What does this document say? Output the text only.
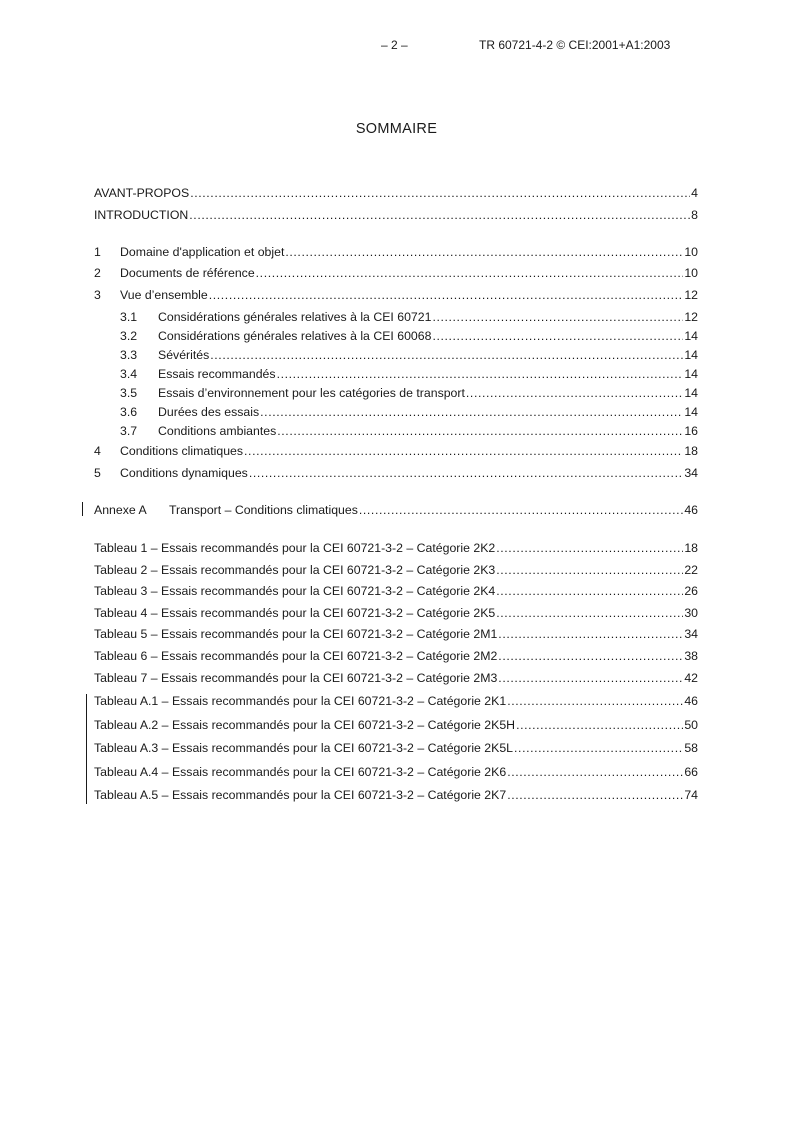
– 2 –	TR 60721-4-2 © CEI:2001+A1:2003
SOMMAIRE
AVANT-PROPOS .....	4
INTRODUCTION .....	8
1	Domaine d'application et objet .....	10
2	Documents de référence .....	10
3	Vue d’ensemble .....	12
3.1	Considérations générales relatives à la CEI 60721 .....	12
3.2	Considérations générales relatives à la CEI 60068 .....	14
3.3	Sévérités .....	14
3.4	Essais recommandés .....	14
3.5	Essais d’environnement pour les catégories de transport .....	14
3.6	Durées des essais .....	14
3.7	Conditions ambiantes .....	16
4	Conditions climatiques .....	18
5	Conditions dynamiques .....	34
Annexe A	Transport – Conditions climatiques .....	46
Tableau 1 – Essais recommandés pour la CEI 60721-3-2 – Catégorie 2K2 .....	18
Tableau 2 – Essais recommandés pour la CEI 60721-3-2 – Catégorie 2K3 .....	22
Tableau 3 – Essais recommandés pour la CEI 60721-3-2 – Catégorie 2K4 .....	26
Tableau 4 – Essais recommandés pour la CEI 60721-3-2 – Catégorie 2K5 .....	30
Tableau 5 – Essais recommandés pour la CEI 60721-3-2 – Catégorie 2M1 .....	34
Tableau 6 – Essais recommandés pour la CEI 60721-3-2 – Catégorie 2M2 .....	38
Tableau 7 – Essais recommandés pour la CEI 60721-3-2 – Catégorie 2M3 .....	42
Tableau A.1 – Essais recommandés pour la CEI 60721-3-2 – Catégorie 2K1 .....	46
Tableau A.2 – Essais recommandés pour la CEI 60721-3-2 – Catégorie 2K5H .....	50
Tableau A.3 – Essais recommandés pour la CEI 60721-3-2 – Catégorie 2K5L .....	58
Tableau A.4 – Essais recommandés pour la CEI 60721-3-2 – Catégorie 2K6 .....	66
Tableau A.5 – Essais recommandés pour la CEI 60721-3-2 – Catégorie 2K7 .....	74
